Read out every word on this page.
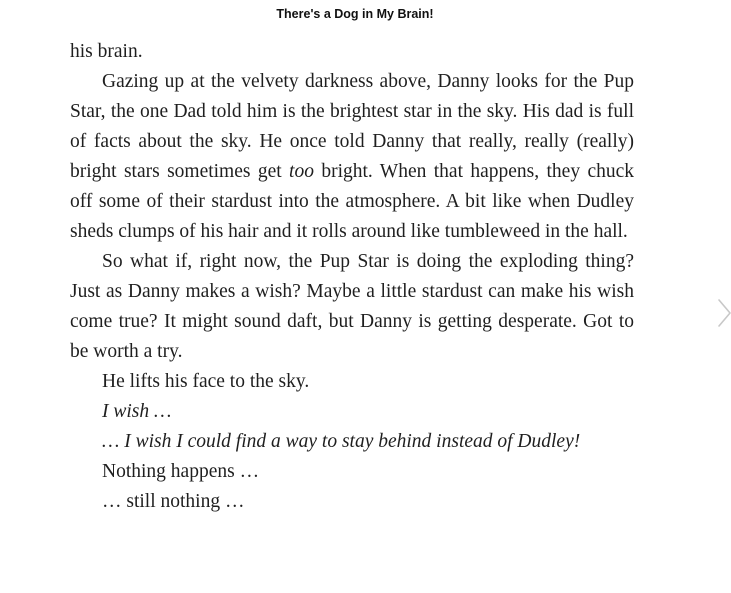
There's a Dog in My Brain!

his brain.

Gazing up at the velvety darkness above, Danny looks for the Pup Star, the one Dad told him is the brightest star in the sky. His dad is full of facts about the sky. He once told Danny that really, really (really) bright stars sometimes get too bright. When that happens, they chuck off some of their stardust into the atmosphere. A bit like when Dudley sheds clumps of his hair and it rolls around like tumbleweed in the hall.

So what if, right now, the Pup Star is doing the exploding thing? Just as Danny makes a wish? Maybe a little stardust can make his wish come true? It might sound daft, but Danny is getting desperate. Got to be worth a try.

He lifts his face to the sky.

I wish …

… I wish I could find a way to stay behind instead of Dudley!

Nothing happens …

… still nothing …
